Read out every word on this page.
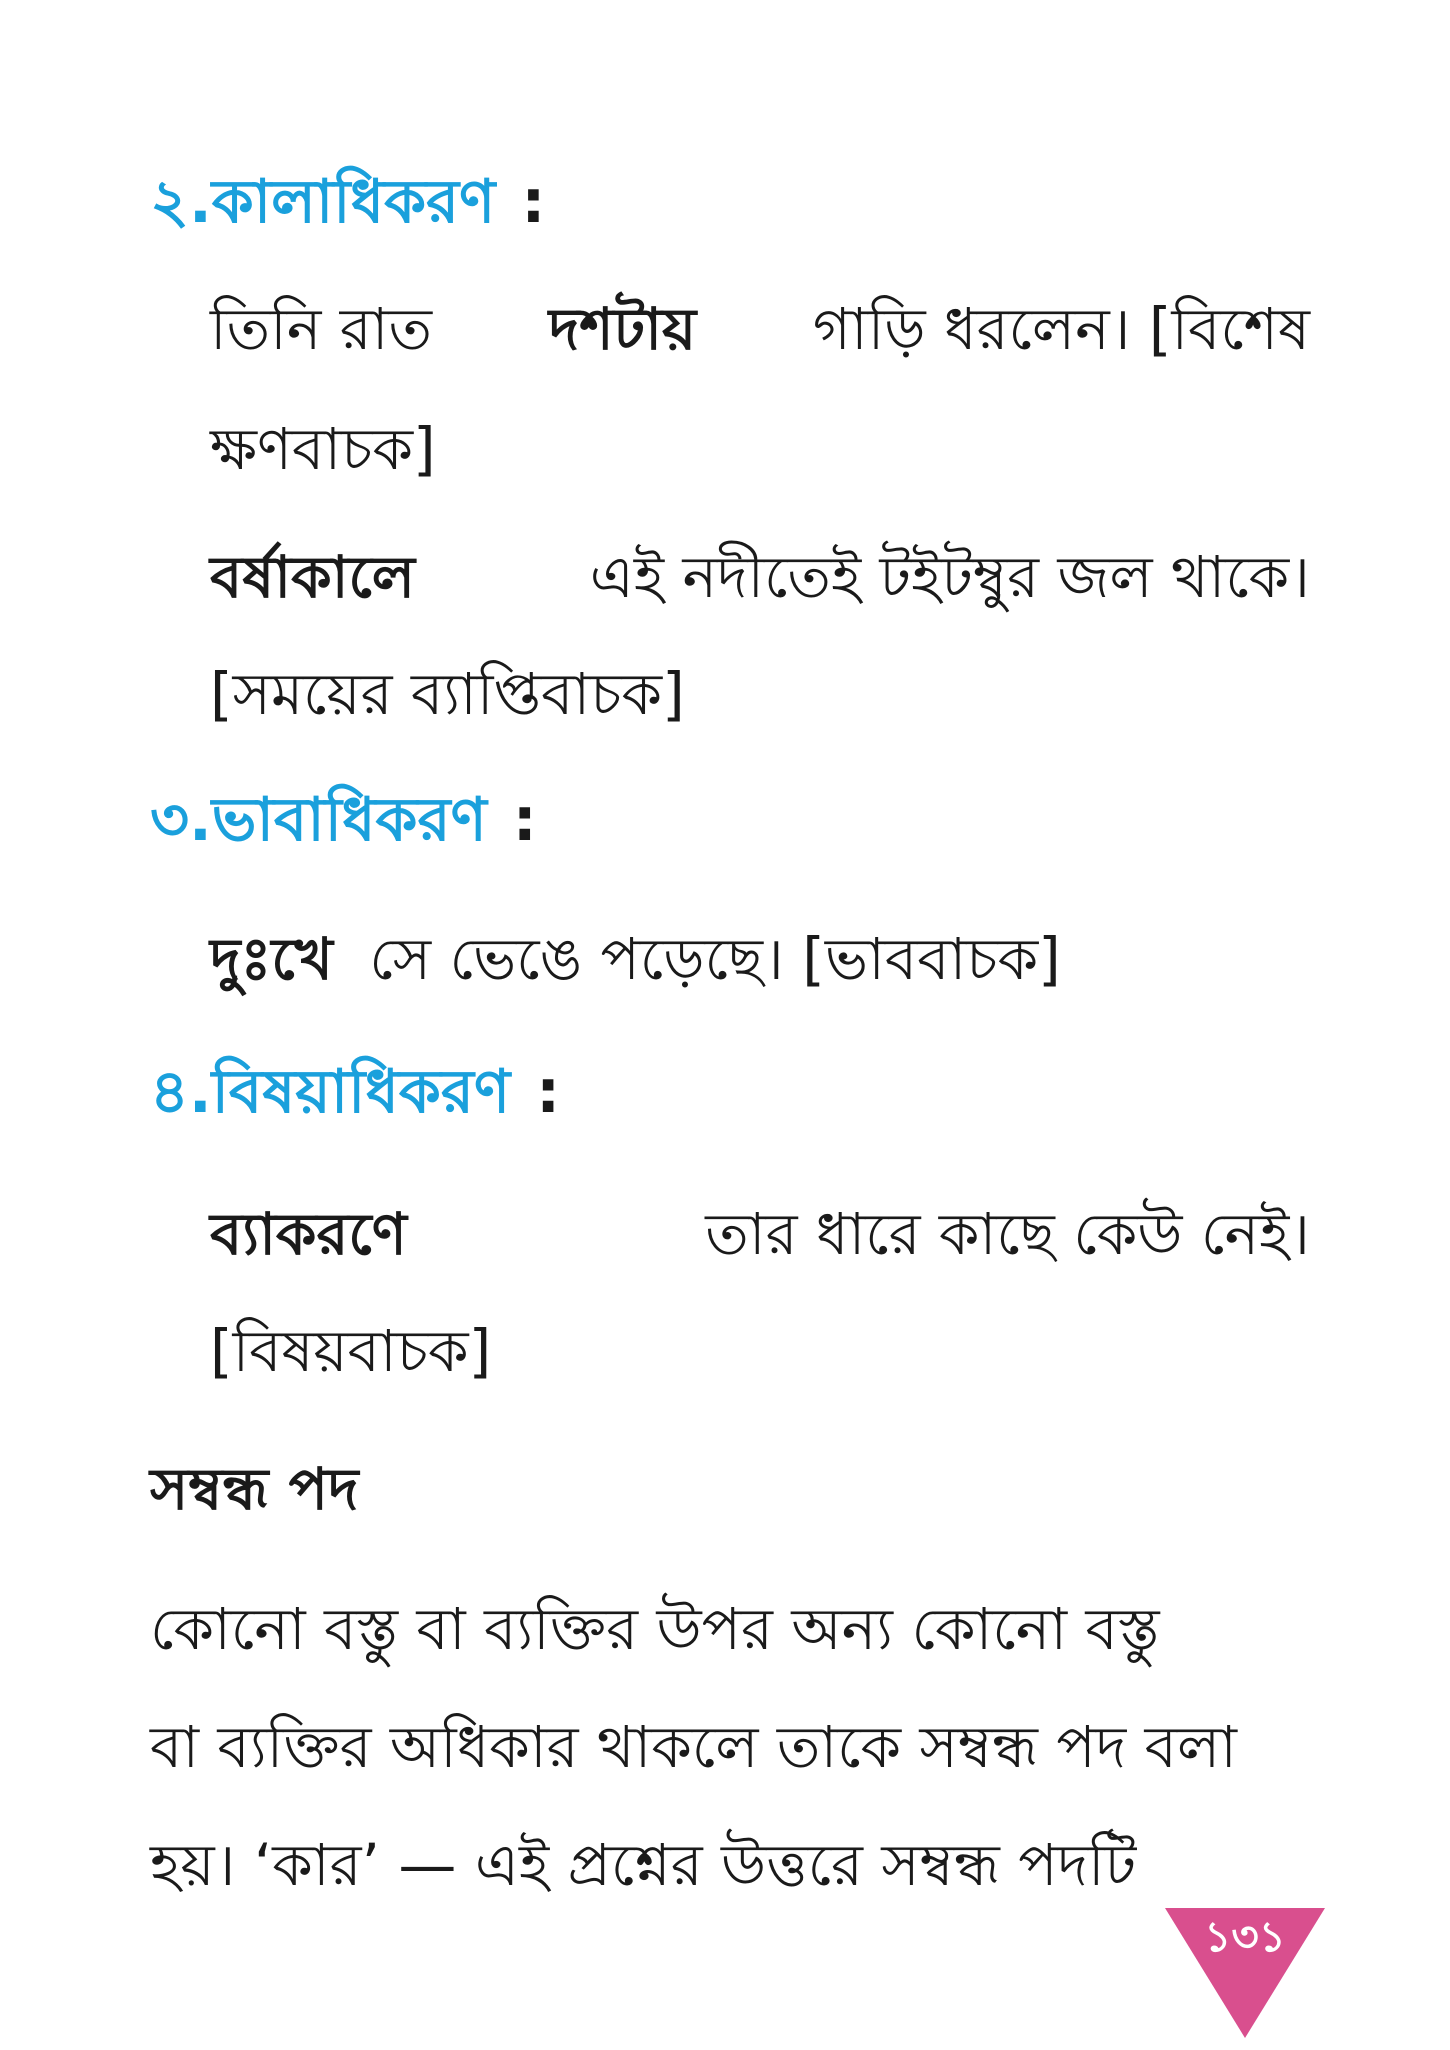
২.কালাধিকরণ :
তিনি রাত দশটায় গাড়ি ধরলেন। [বিশেষ
ক্ষণবাচক]
বর্ষাকালে	এই নদীতেই টইটম্বুর জল থাকে।
[সময়ের ব্যাপ্তিবাচক]
৩.ভাবাধিকরণ :
দুঃখে সে ভেঙে পড়েছে। [ভাববাচক]
৪.বিষয়াধিকরণ :
ব্যাকরণে	তার ধারে কাছে কেউ নেই।
[বিষয়বাচক]
সম্বন্ধ পদ
কোনো বস্তু বা ব্যক্তির উপর অন্য কোনো বস্তু
বা ব্যক্তির অধিকার থাকলে তাকে সম্বন্ধ পদ বলা
হয়। ‘কার’ — এই প্রশ্নের উত্তরে সম্বন্ধ পদটি
১৩১
